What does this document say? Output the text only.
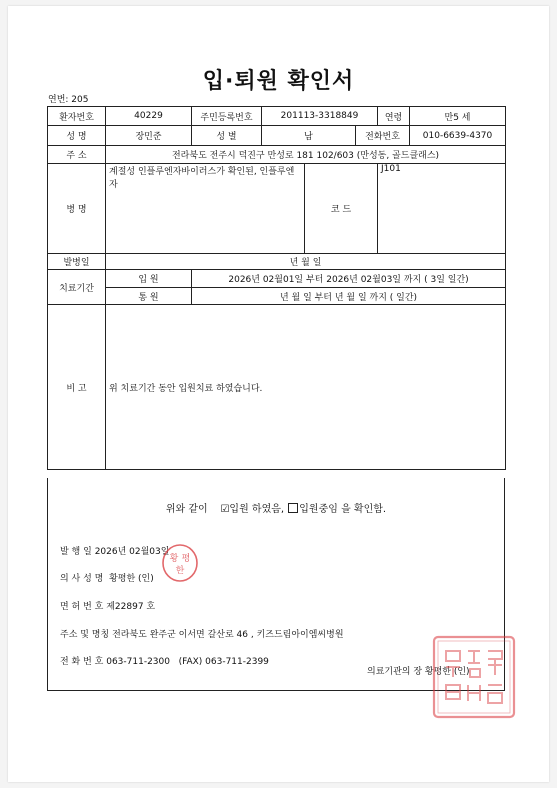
입·퇴원 확인서
연번: 205
환자번호	40229	주민등록번호	201113-3318849			연령	만5 세
성 명	장민준	성 별	남		전화번호		010-6639-4370
주 소	전라북도 전주시 덕진구 만성로 181 102/603 (만성동, 골드클래스)						
병 명	계절성 인플루엔자바이러스가 확인된, 인플루엔자			코 드		J101	
발병일	년 월 일						
치료기간	입 원	2026년 02월01일 부터 2026년 02월03일 까지 ( 3일 일간)					
	통 원	년 월 일 부터 년 월 일 까지 ( 일간)					
비 고	위 치료기간 동안 입원치료 하였습니다.						
위와 같이 ☑입원 하였음, 입원중임 을 확인함.
발 행 일 2026년 02월03일
의 사 성 명 황평한 (인)
면 허 번 호 제22897 호
주소 및 명칭 전라북도 완주군 이서면 갈산로 46 , 키즈드림아이엠씨병원
전 화 번 호 063-711-2300 (FAX) 063-711-2399
의료기관의 장 황평한 (인)
황 평
한
